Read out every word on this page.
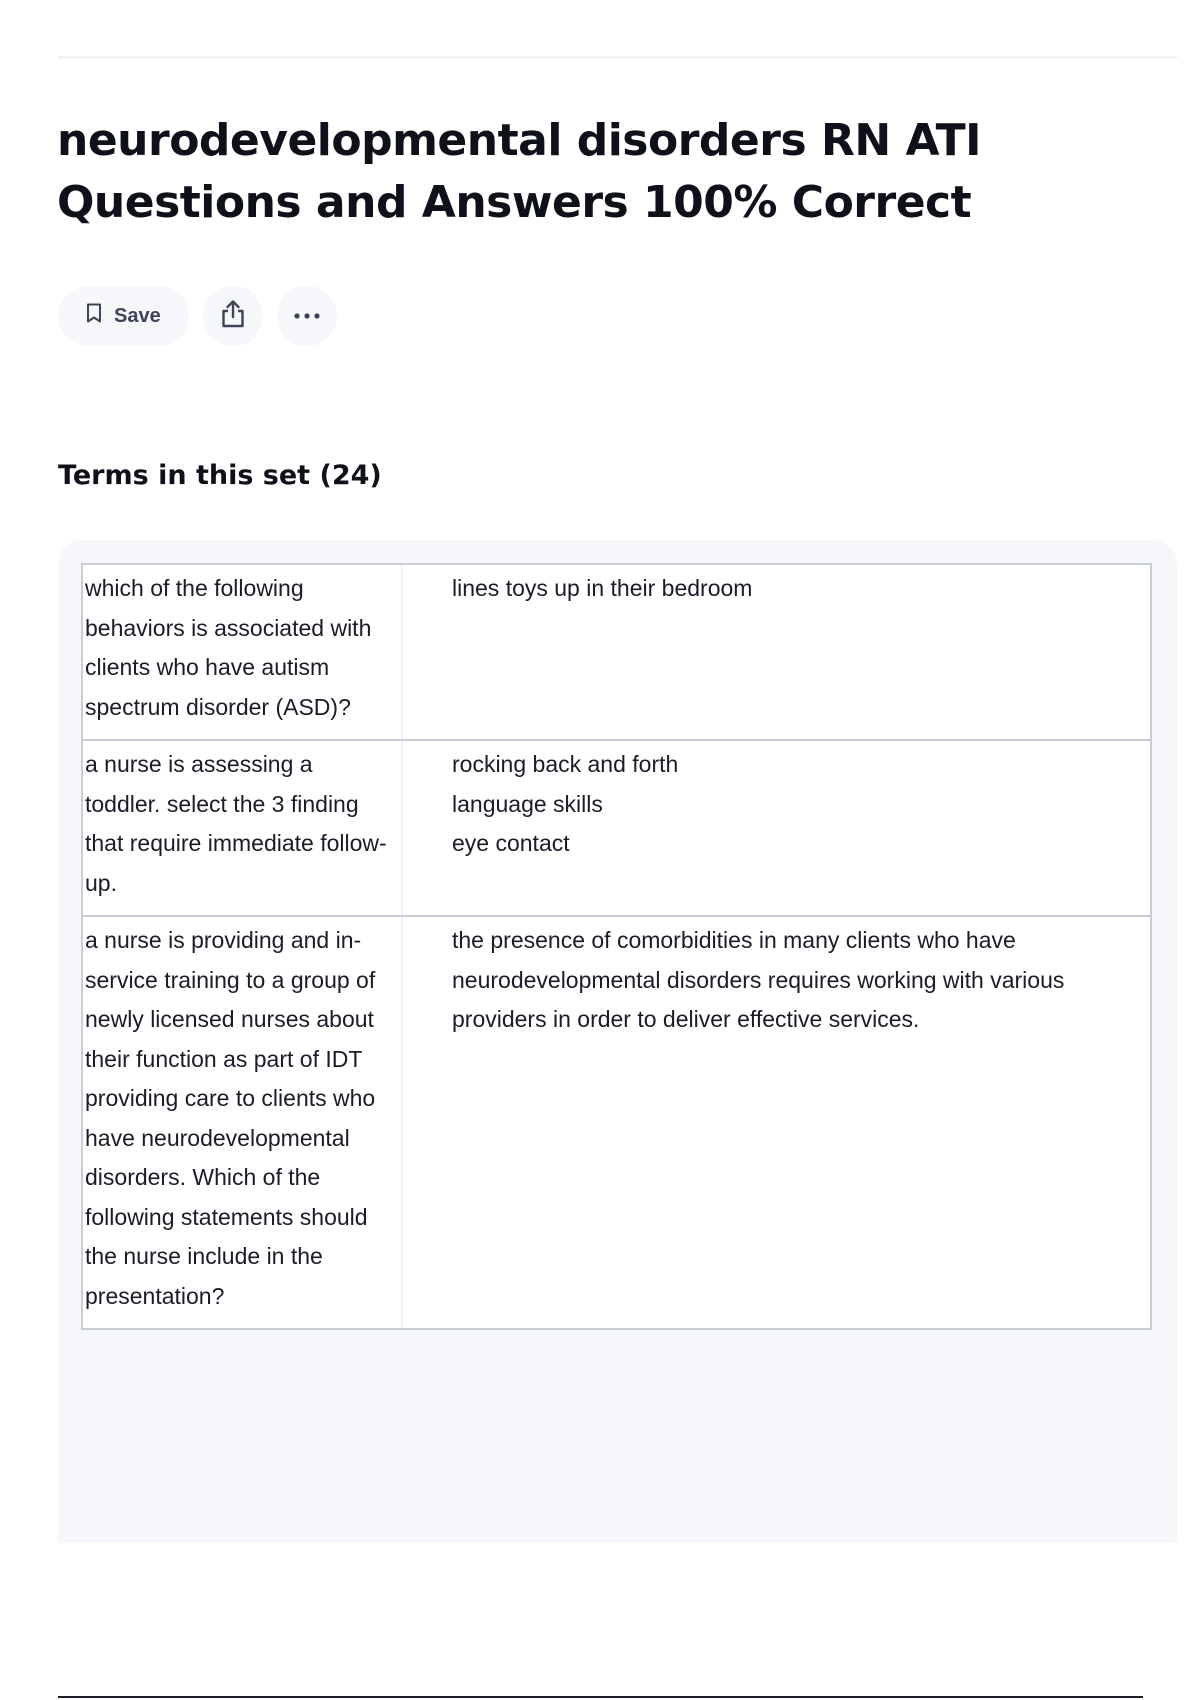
neurodevelopmental disorders RN ATI Questions and Answers 100% Correct
Save
Terms in this set (24)
which of the following behaviors is associated with clients who have autism spectrum disorder (ASD)?
lines toys up in their bedroom
a nurse is assessing a toddler. select the 3 finding that require immediate follow-up.
rocking back and forth
language skills
eye contact
a nurse is providing and in-service training to a group of newly licensed nurses about their function as part of IDT providing care to clients who have neurodevelopmental disorders. Which of the following statements should the nurse include in the presentation?
the presence of comorbidities in many clients who have neurodevelopmental disorders requires working with various providers in order to deliver effective services.
